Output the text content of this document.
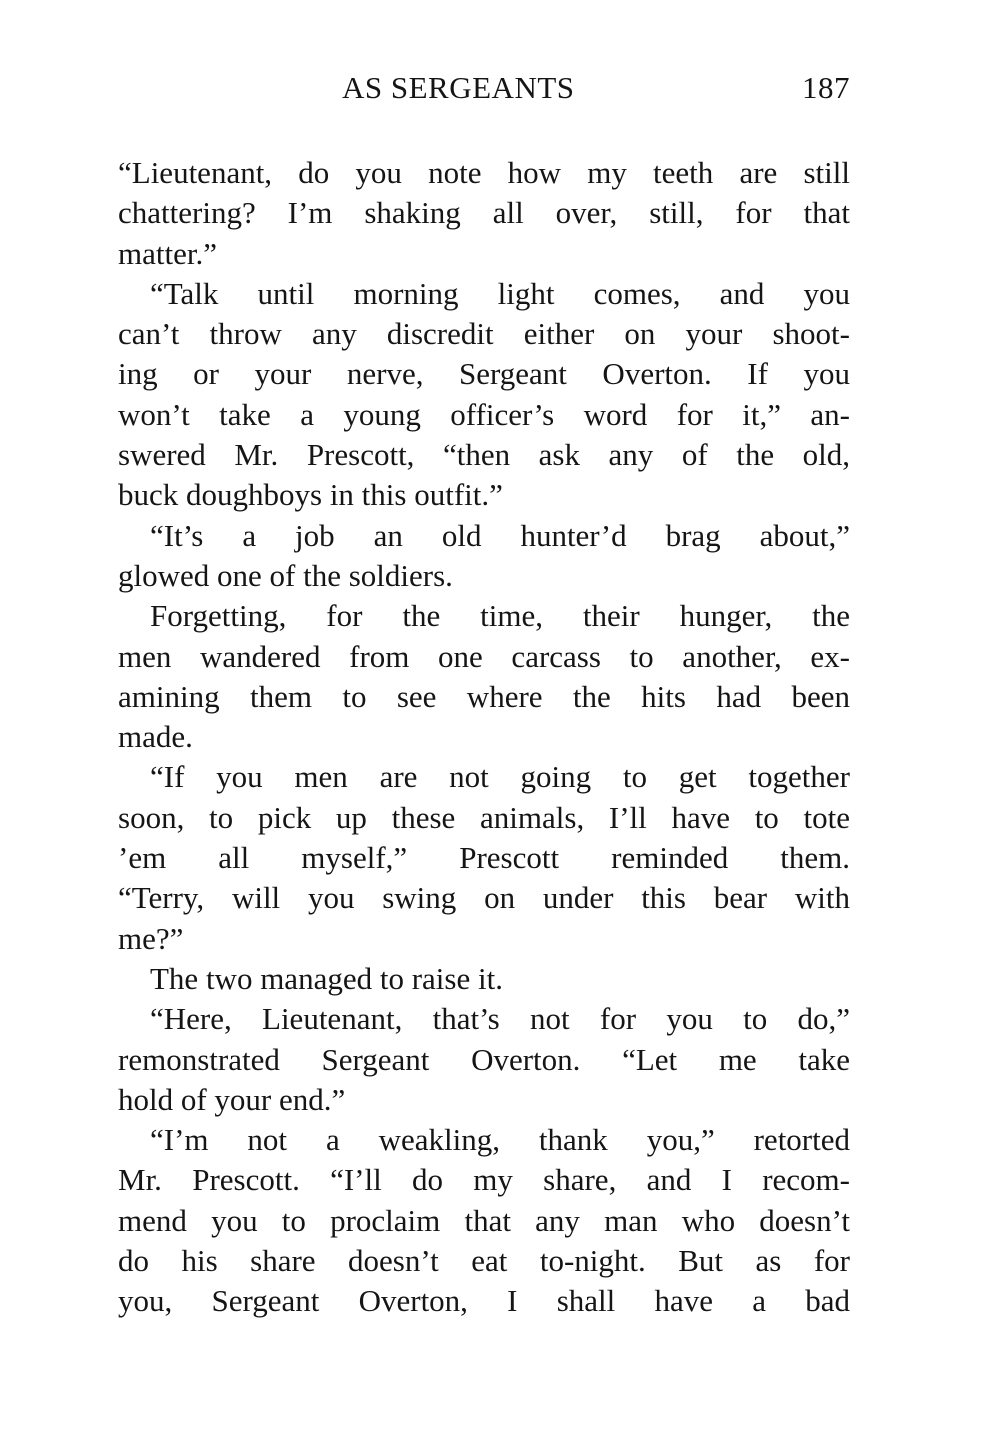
AS SERGEANTS	187
“Lieutenant, do you note how my teeth are still
chattering? I’m shaking all over, still, for that
matter.”
“Talk until morning light comes, and you
can’t throw any discredit either on your shoot-
ing or your nerve, Sergeant Overton. If you
won’t take a young officer’s word for it,” an-
swered Mr. Prescott, “then ask any of the old,
buck doughboys in this outfit.”
“It’s a job an old hunter’d brag about,”
glowed one of the soldiers.
Forgetting, for the time, their hunger, the
men wandered from one carcass to another, ex-
amining them to see where the hits had been
made.
“If you men are not going to get together
soon, to pick up these animals, I’ll have to tote
’em all myself,” Prescott reminded them.
“Terry, will you swing on under this bear with
me?”
The two managed to raise it.
“Here, Lieutenant, that’s not for you to do,”
remonstrated Sergeant Overton. “Let me take
hold of your end.”
“I’m not a weakling, thank you,” retorted
Mr. Prescott. “I’ll do my share, and I recom-
mend you to proclaim that any man who doesn’t
do his share doesn’t eat to-night. But as for
you, Sergeant Overton, I shall have a bad
